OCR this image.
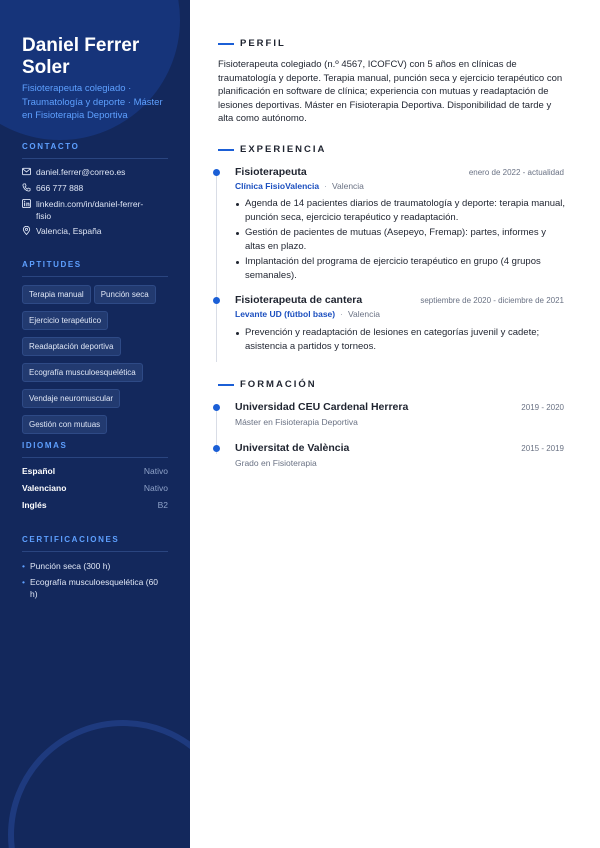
Daniel Ferrer Soler
Fisioterapeuta colegiado · Traumatología y deporte · Máster en Fisioterapia Deportiva
CONTACTO
daniel.ferrer@correo.es
666 777 888
linkedin.com/in/daniel-ferrer-fisio
Valencia, España
APTITUDES
Terapia manual Punción seca
Ejercicio terapéutico
Readaptación deportiva
Ecografía musculoesquelética
Vendaje neuromuscular
Gestión con mutuas
IDIOMAS
Español	Nativo
Valenciano	Nativo
Inglés	B2
CERTIFICACIONES
• Punción seca (300 h)
• Ecografía musculoesquelética (60 h)
PERFIL
Fisioterapeuta colegiado (n.º 4567, ICOFCV) con 5 años en clínicas de traumatología y deporte. Terapia manual, punción seca y ejercicio terapéutico con planificación en software de clínica; experiencia con mutuas y readaptación de lesiones deportivas. Máster en Fisioterapia Deportiva. Disponibilidad de tarde y alta como autónomo.
EXPERIENCIA
Fisioterapeuta	enero de 2022 - actualidad
Clínica FisioValencia · Valencia
Agenda de 14 pacientes diarios de traumatología y deporte: terapia manual, punción seca, ejercicio terapéutico y readaptación.
Gestión de pacientes de mutuas (Asepeyo, Fremap): partes, informes y altas en plazo.
Implantación del programa de ejercicio terapéutico en grupo (4 grupos semanales).
Fisioterapeuta de cantera	septiembre de 2020 - diciembre de 2021
Levante UD (fútbol base) · Valencia
Prevención y readaptación de lesiones en categorías juvenil y cadete; asistencia a partidos y torneos.
FORMACIÓN
Universidad CEU Cardenal Herrera	2019 - 2020
Máster en Fisioterapia Deportiva
Universitat de València	2015 - 2019
Grado en Fisioterapia
